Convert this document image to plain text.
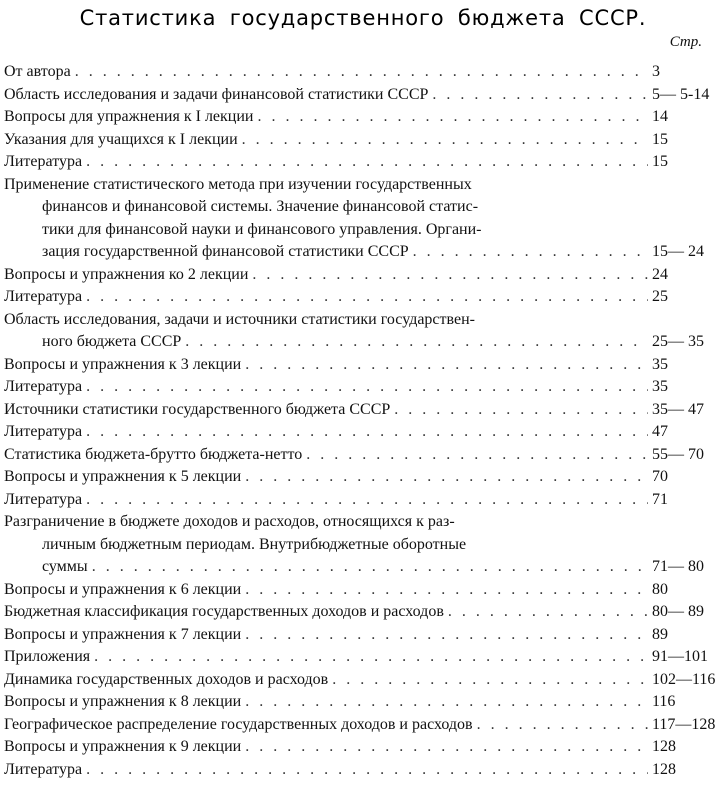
Статистика государственного бюджета СССР.
Стр.
От автора . . .	3
Область исследования и задачи финансовой статистики СССР . . .	5— 5-14
Вопросы для упражнения к I лекции . . .	14
Указания для учащихся к I лекции . . .	15
Литература . . .	15
Применение статистического метода при изучении государственных
финансов и финансовой системы. Значение финансовой статис-
тики для финансовой науки и финансового управления. Органи-
зация государственной финансовой статистики СССР . . .	15— 24
Вопросы и упражнения ко 2 лекции . . .	24
Литература . . .	25
Область исследования, задачи и источники статистики государствен-
ного бюджета СССР . . .	25— 35
Вопросы и упражнения к 3 лекции . . .	35
Литература . . .	35
Источники статистики государственного бюджета СССР . . .	35— 47
Литература . . .	47
Статистика бюджета-брутто бюджета-нетто . . .	55— 70
Вопросы и упражнения к 5 лекции . . .	70
Литература . . .	71
Разграничение в бюджете доходов и расходов, относящихся к раз-
личным бюджетным периодам. Внутрибюджетные оборотные
суммы . . .	71— 80
Вопросы и упражнения к 6 лекции . . .	80
Бюджетная классификация государственных доходов и расходов . . .	80— 89
Вопросы и упражнения к 7 лекции . . .	89
Приложения . . .	91—101
Динамика государственных доходов и расходов . . .	102—116
Вопросы и упражнения к 8 лекции . . .	116
Географическое распределение государственных доходов и расходов . . .	117—128
Вопросы и упражнения к 9 лекции . . .	128
Литература . . .	128
